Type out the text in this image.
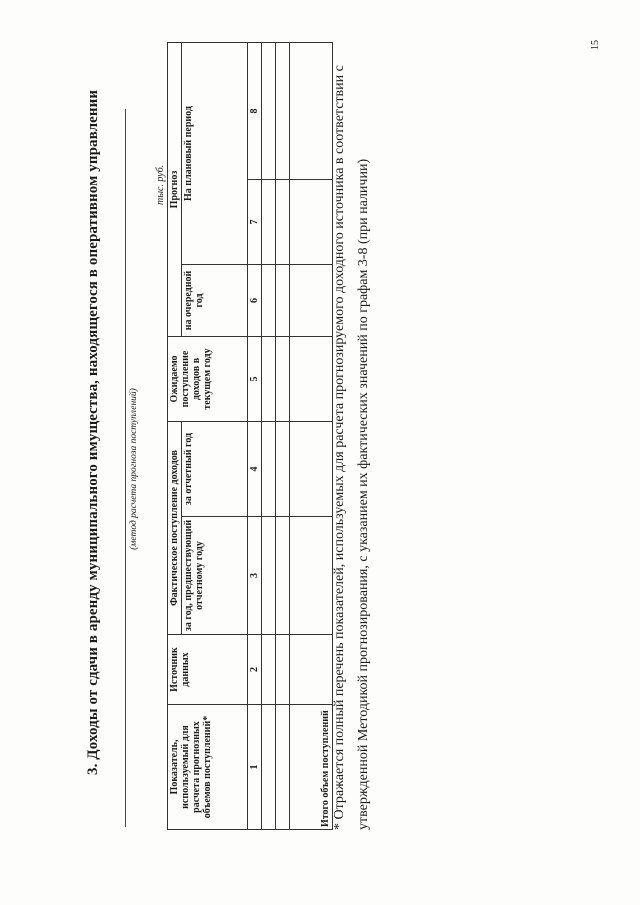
3. Доходы от сдачи в аренду муниципального имущества, находящегося в оперативном управлении	(метод расчета прогноза поступлений)
тыс. руб.
Показатель, используемый для расчета прогнозных объемов поступлений*	Источник данных	Фактическое поступление доходов		Ожидаемо поступление доходов в текущем году	Прогноз		
		за год, предшествующий отчетному году	за отчетный год		на очередной год	На плановый период	
1	2	3	4	5	6	7	8

Итого объем поступлений							* Отражается полный перечень показателей, используемых для расчета прогнозируемого доходного источника в соответствии с утвержденной Методикой прогнозирования, с указанием их фактических значений по графам 3-8 (при наличии)
15
